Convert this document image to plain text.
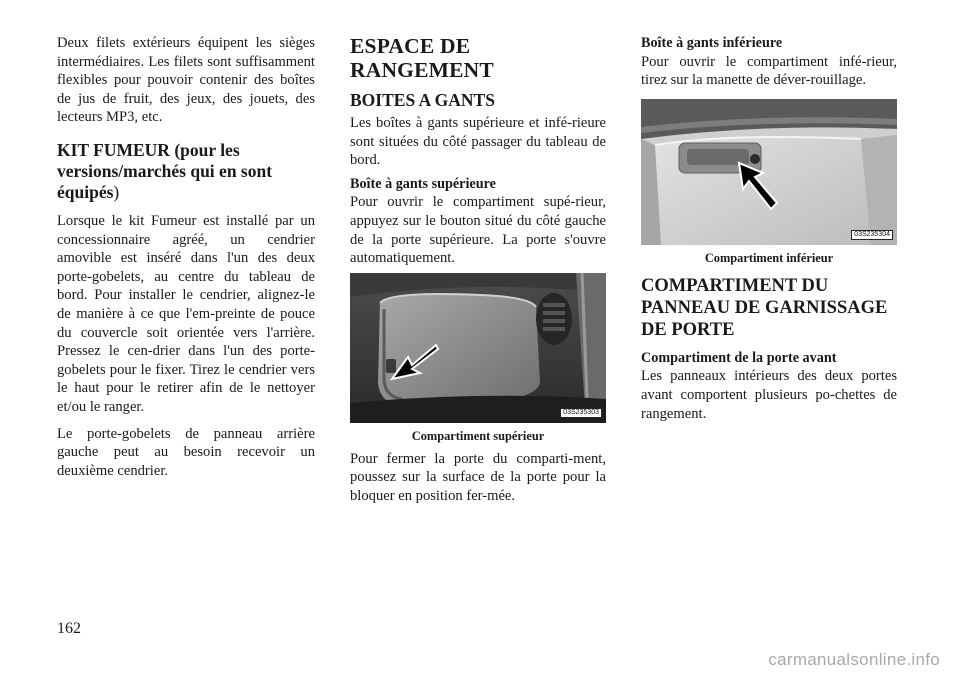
Deux filets extérieurs équipent les sièges intermédiaires. Les filets sont suffisamment flexibles pour pouvoir contenir des boîtes de jus de fruit, des jeux, des jouets, des lecteurs MP3, etc.

KIT FUMEUR (pour les versions/marchés qui en sont équipés)

Lorsque le kit Fumeur est installé par un concessionnaire agréé, un cendrier amovible est inséré dans l'un des deux porte-gobelets, au centre du tableau de bord. Pour installer le cendrier, alignez-le de manière à ce que l'em-preinte de pouce du couvercle soit orientée vers l'arrière. Pressez le cen-drier dans l'un des porte-gobelets pour le fixer. Tirez le cendrier vers le haut pour le retirer afin de le nettoyer et/ou le ranger.

Le porte-gobelets de panneau arrière gauche peut au besoin recevoir un deuxième cendrier.

ESPACE DE RANGEMENT
BOITES A GANTS

Les boîtes à gants supérieure et infé-rieure sont situées du côté passager du tableau de bord.

Boîte à gants supérieure

Pour ouvrir le compartiment supé-rieur, appuyez sur le bouton situé du côté gauche de la porte supérieure. La porte s'ouvre automatiquement.

03S235303

Compartiment supérieur

Pour fermer la porte du comparti-ment, poussez sur la surface de la porte pour la bloquer en position fer-mée.

Boîte à gants inférieure

Pour ouvrir le compartiment infé-rieur, tirez sur la manette de déver-rouillage.

03S235304

Compartiment inférieur

COMPARTIMENT DU PANNEAU DE GARNISSAGE DE PORTE
Compartiment de la porte avant

Les panneaux intérieurs des deux portes avant comportent plusieurs po-chettes de rangement.

162
carmanualsonline.info
